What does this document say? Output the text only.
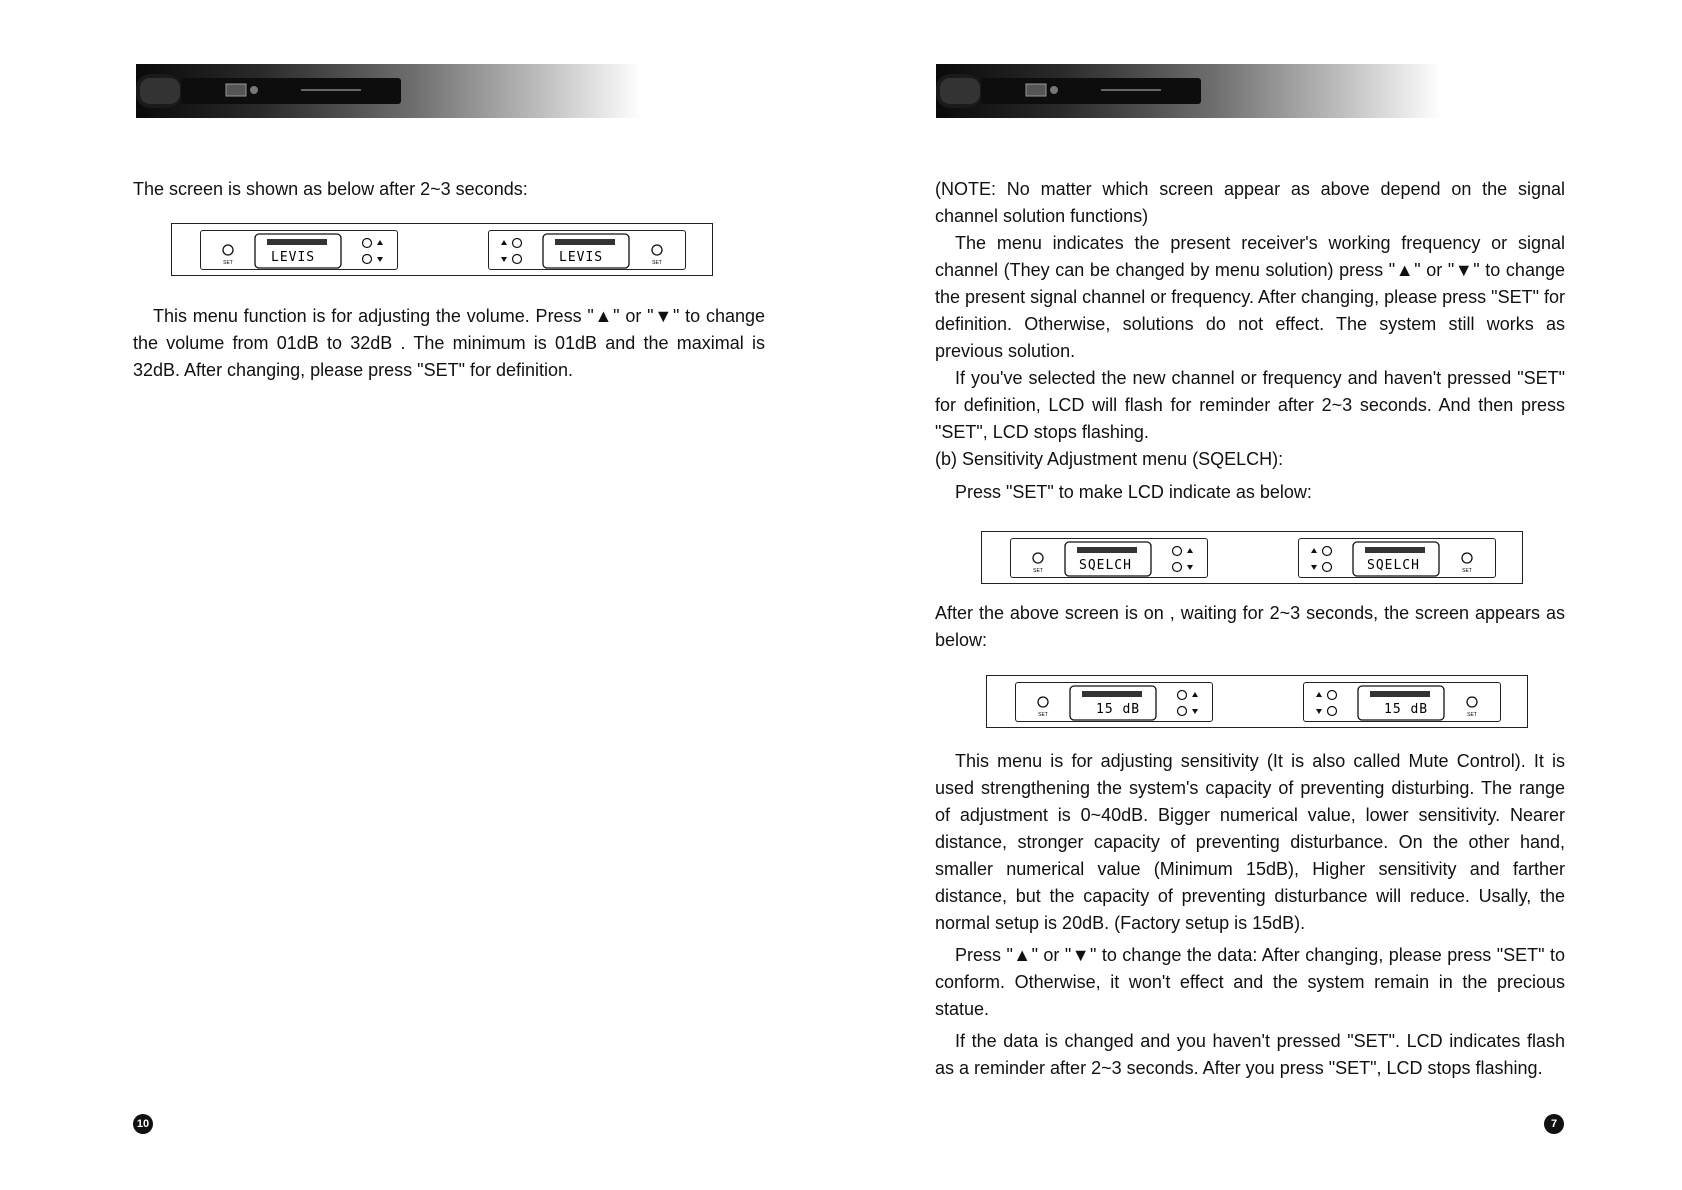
The screen is shown as below after 2~3 seconds:

SET	LEVIS	LEVIS	SET

This menu function is for adjusting the volume. Press "▲" or "▼" to change the volume from 01dB to 32dB . The minimum is 01dB and the maximal is 32dB. After changing, please press "SET" for definition.

10

(NOTE: No matter which screen appear as above depend on the signal channel solution functions)

The menu indicates the present receiver's working frequency or signal channel (They can be changed by menu solution) press "▲" or "▼" to change the present signal channel or frequency. After changing, please press "SET" for definition. Otherwise, solutions do not effect. The system still works as previous solution.

If you've selected the new channel or frequency and haven't pressed "SET" for definition, LCD will flash for reminder after 2~3 seconds. And then press "SET", LCD stops flashing.

(b) Sensitivity Adjustment menu (SQELCH):

Press "SET" to make LCD indicate as below:

SET	SQELCH	SQELCH	SET

After the above screen is on , waiting for 2~3 seconds, the screen appears as below:

SET	15 dB	15 dB	SET

This menu is for adjusting sensitivity (It is also called Mute Control). It is used strengthening the system's capacity of preventing disturbing. The range of adjustment is 0~40dB. Bigger numerical value, lower sensitivity. Nearer distance, stronger capacity of preventing disturbance. On the other hand, smaller numerical value (Minimum 15dB), Higher sensitivity and farther distance, but the capacity of preventing disturbance will reduce. Usally, the normal setup is 20dB. (Factory setup is 15dB).

Press "▲" or "▼" to change the data: After changing, please press "SET" to conform. Otherwise, it won't effect and the system remain in the precious statue.

If the data is changed and you haven't pressed "SET". LCD indicates flash as a reminder after 2~3 seconds. After you press "SET", LCD stops flashing.

7
